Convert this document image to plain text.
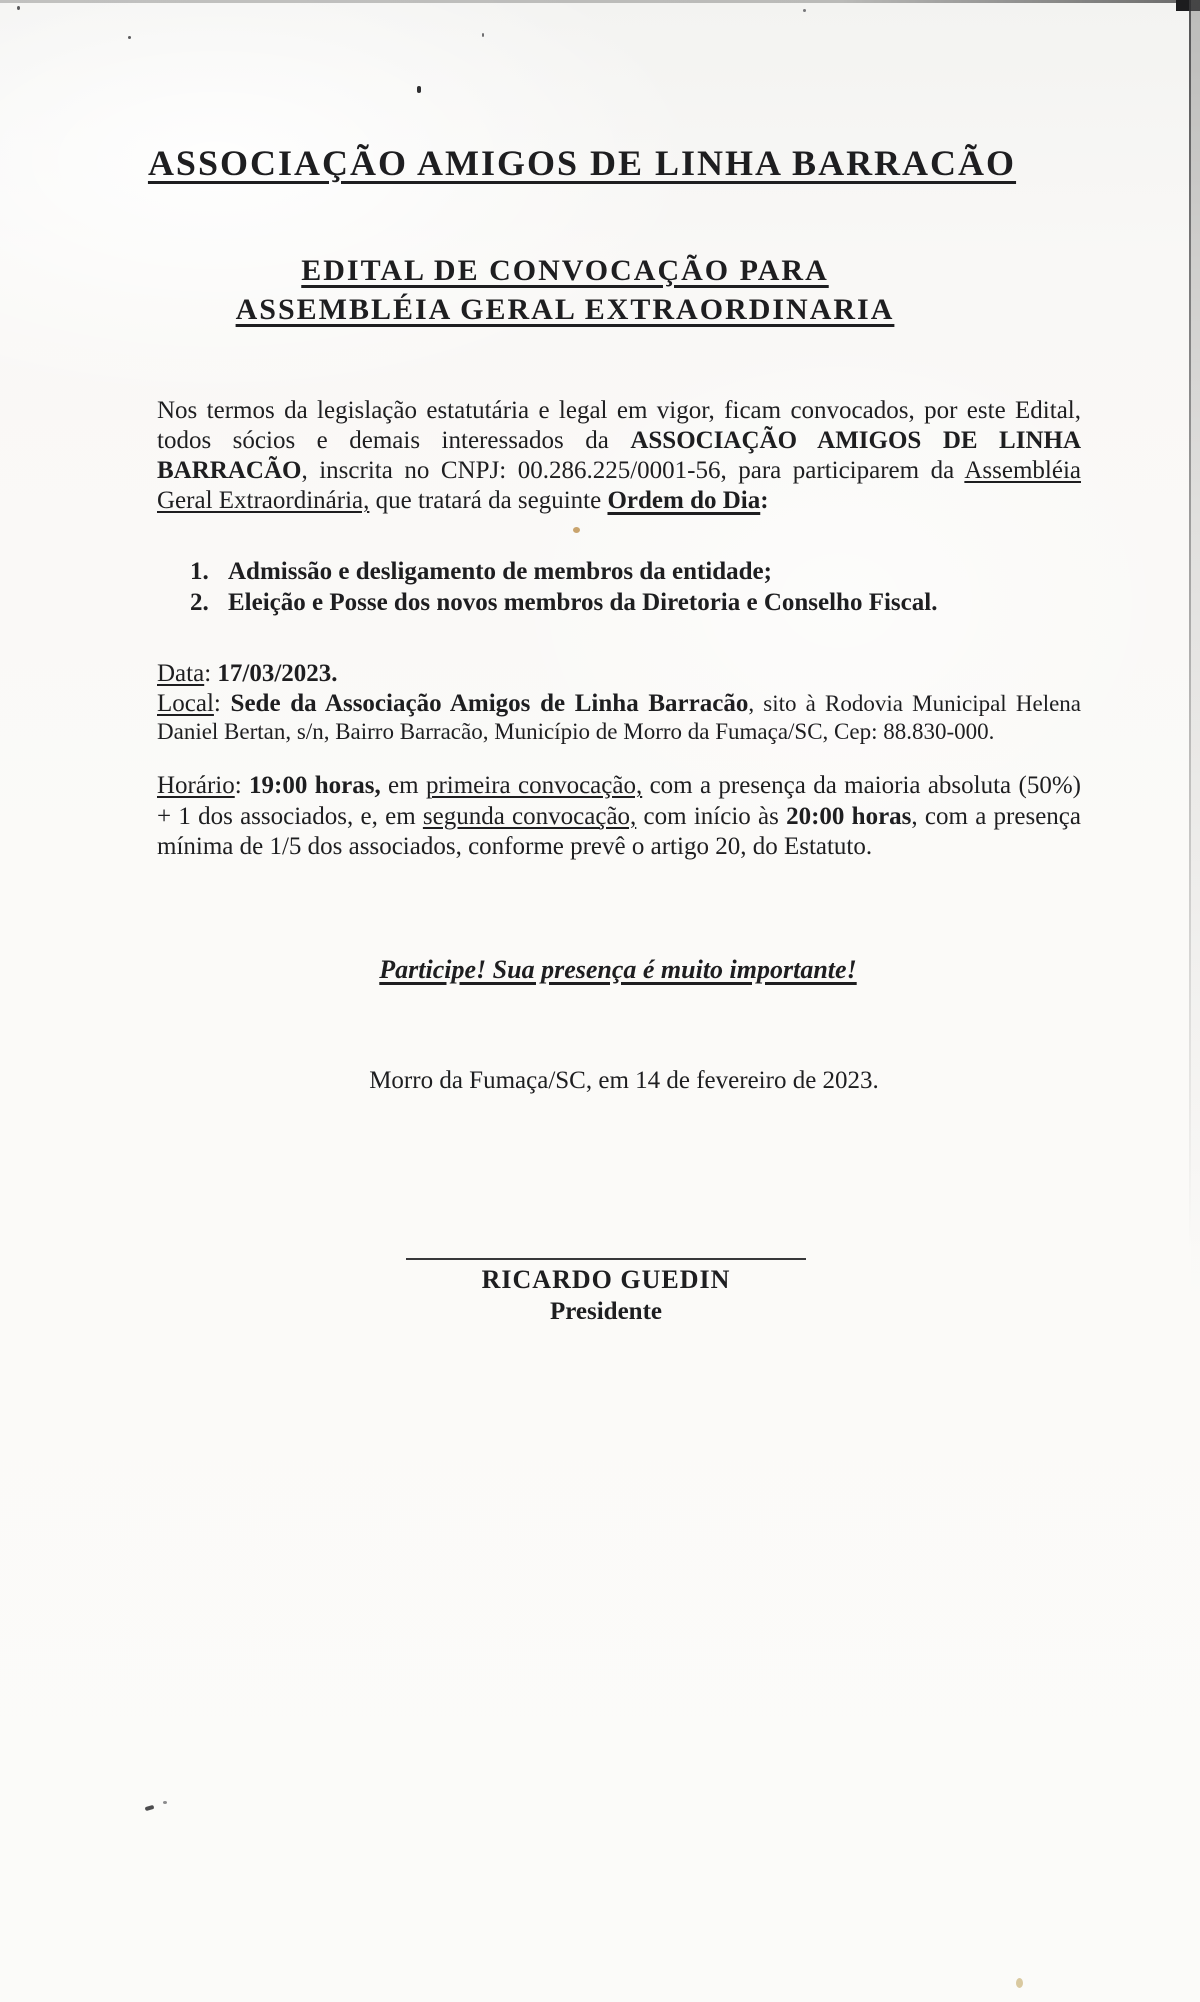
ASSOCIAÇÃO AMIGOS DE LINHA BARRACÃO
EDITAL DE CONVOCAÇÃO PARA
ASSEMBLÉIA GERAL EXTRAORDINARIA

Nos termos da legislação estatutária e legal em vigor, ficam convocados, por este Edital, todos sócios e demais interessados da ASSOCIAÇÃO AMIGOS DE LINHA BARRACÃO, inscrita no CNPJ: 00.286.225/0001-56, para participarem da Assembléia Geral Extraordinária, que tratará da seguinte Ordem do Dia:

1. Admissão e desligamento de membros da entidade;
2. Eleição e Posse dos novos membros da Diretoria e Conselho Fiscal.

Data: 17/03/2023.

Local: Sede da Associação Amigos de Linha Barracão, sito à Rodovia Municipal Helena Daniel Bertan, s/n, Bairro Barracão, Município de Morro da Fumaça/SC, Cep: 88.830-000.

Horário: 19:00 horas, em primeira convocação, com a presença da maioria absoluta (50%) + 1 dos associados, e, em segunda convocação, com início às 20:00 horas, com a presença mínima de 1/5 dos associados, conforme prevê o artigo 20, do Estatuto.

Participe! Sua presença é muito importante!

Morro da Fumaça/SC, em 14 de fevereiro de 2023.

RICARDO GUEDIN
Presidente
